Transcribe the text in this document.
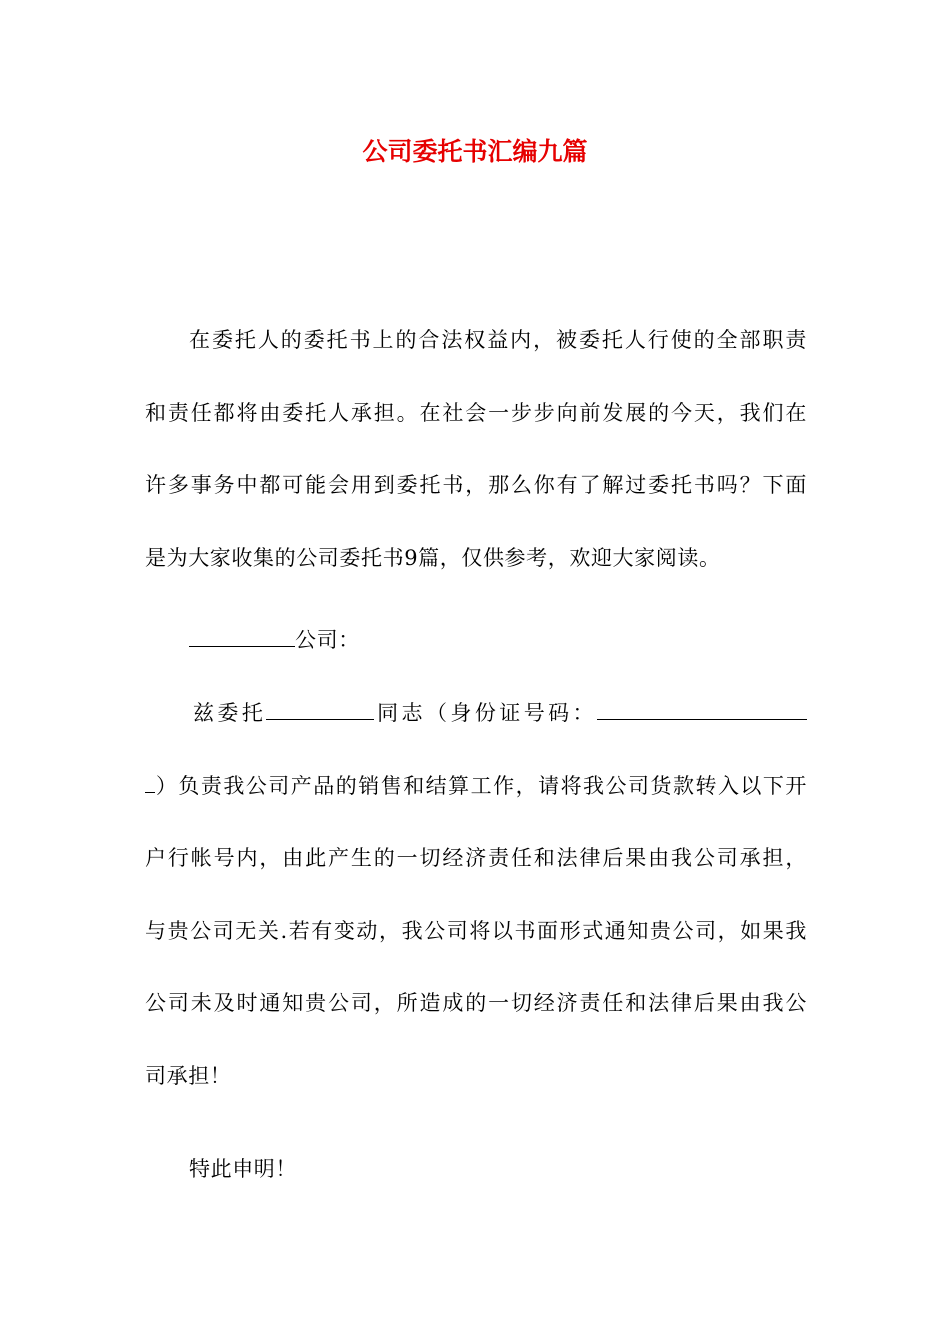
公司委托书汇编九篇
在委托人的委托书上的合法权益内，被委托人行使的全部职责
和责任都将由委托人承担。在社会一步步向前发展的今天，我们在
许多事务中都可能会用到委托书，那么你有了解过委托书吗？下面
是为大家收集的公司委托书9篇，仅供参考，欢迎大家阅读。
公司：
兹委托	同志（身份证号码：
）负责我公司产品的销售和结算工作，请将我公司货款转入以下开
户行帐号内，由此产生的一切经济责任和法律后果由我公司承担，
与贵公司无关.若有变动，我公司将以书面形式通知贵公司，如果我
公司未及时通知贵公司，所造成的一切经济责任和法律后果由我公
司承担！
特此申明！
